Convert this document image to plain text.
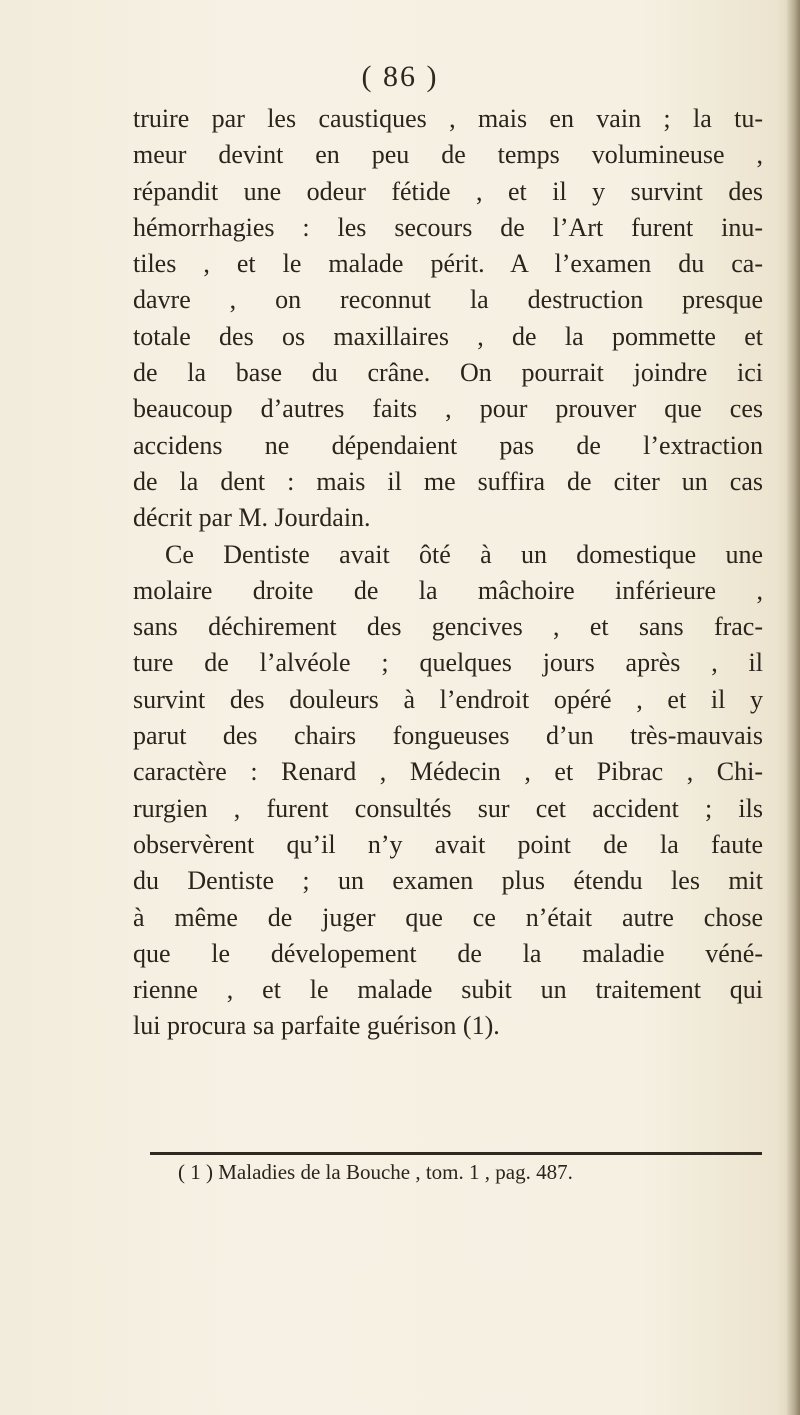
( 86 )
truire par les caustiques , mais en vain ; la tu-
meur devint en peu de temps volumineuse ,
répandit une odeur fétide , et il y survint des
hémorrhagies : les secours de l’Art furent inu-
tiles , et le malade périt. A l’examen du ca-
davre , on reconnut la destruction presque
totale des os maxillaires , de la pommette et
de la base du crâne. On pourrait joindre ici
beaucoup d’autres faits , pour prouver que ces
accidens ne dépendaient pas de l’extraction
de la dent : mais il me suffira de citer un cas
décrit par M. Jourdain.
Ce Dentiste avait ôté à un domestique une
molaire droite de la mâchoire inférieure ,
sans déchirement des gencives , et sans frac-
ture de l’alvéole ; quelques jours après , il
survint des douleurs à l’endroit opéré , et il y
parut des chairs fongueuses d’un très-mauvais
caractère : Renard , Médecin , et Pibrac , Chi-
rurgien , furent consultés sur cet accident ; ils
observèrent qu’il n’y avait point de la faute
du Dentiste ; un examen plus étendu les mit
à même de juger que ce n’était autre chose
que le dévelopement de la maladie véné-
rienne , et le malade subit un traitement qui
lui procura sa parfaite guérison (1).
( 1 ) Maladies de la Bouche , tom. 1 , pag. 487.
